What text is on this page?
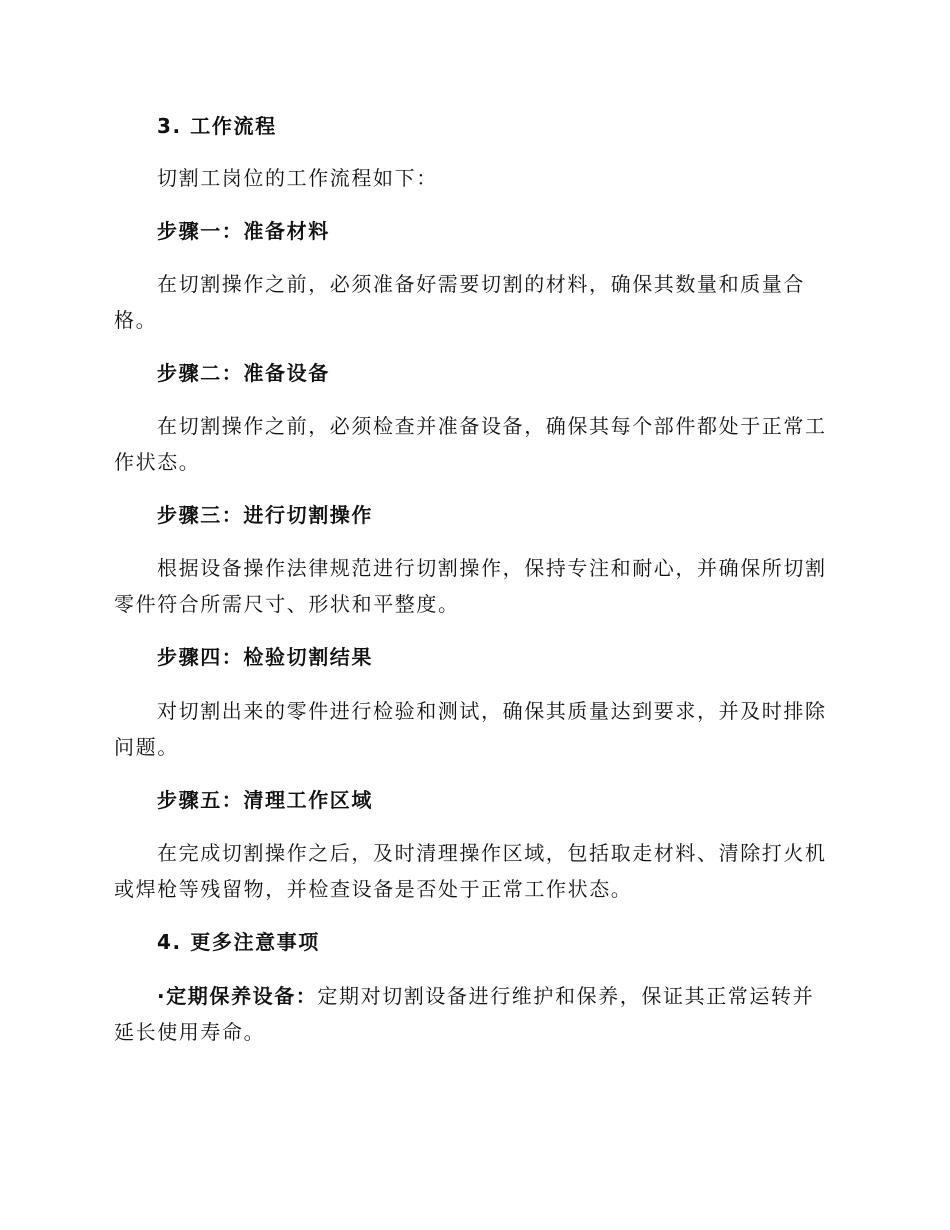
3. 工作流程
切割工岗位的工作流程如下：
步骤一：准备材料
在切割操作之前，必须准备好需要切割的材料，确保其数量和质量合格。
步骤二：准备设备
在切割操作之前，必须检查并准备设备，确保其每个部件都处于正常工作状态。
步骤三：进行切割操作
根据设备操作法律规范进行切割操作，保持专注和耐心，并确保所切割零件符合所需尺寸、形状和平整度。
步骤四：检验切割结果
对切割出来的零件进行检验和测试，确保其质量达到要求，并及时排除问题。
步骤五：清理工作区域
在完成切割操作之后，及时清理操作区域，包括取走材料、清除打火机或焊枪等残留物，并检查设备是否处于正常工作状态。
4. 更多注意事项
·定期保养设备：定期对切割设备进行维护和保养，保证其正常运转并延长使用寿命。
